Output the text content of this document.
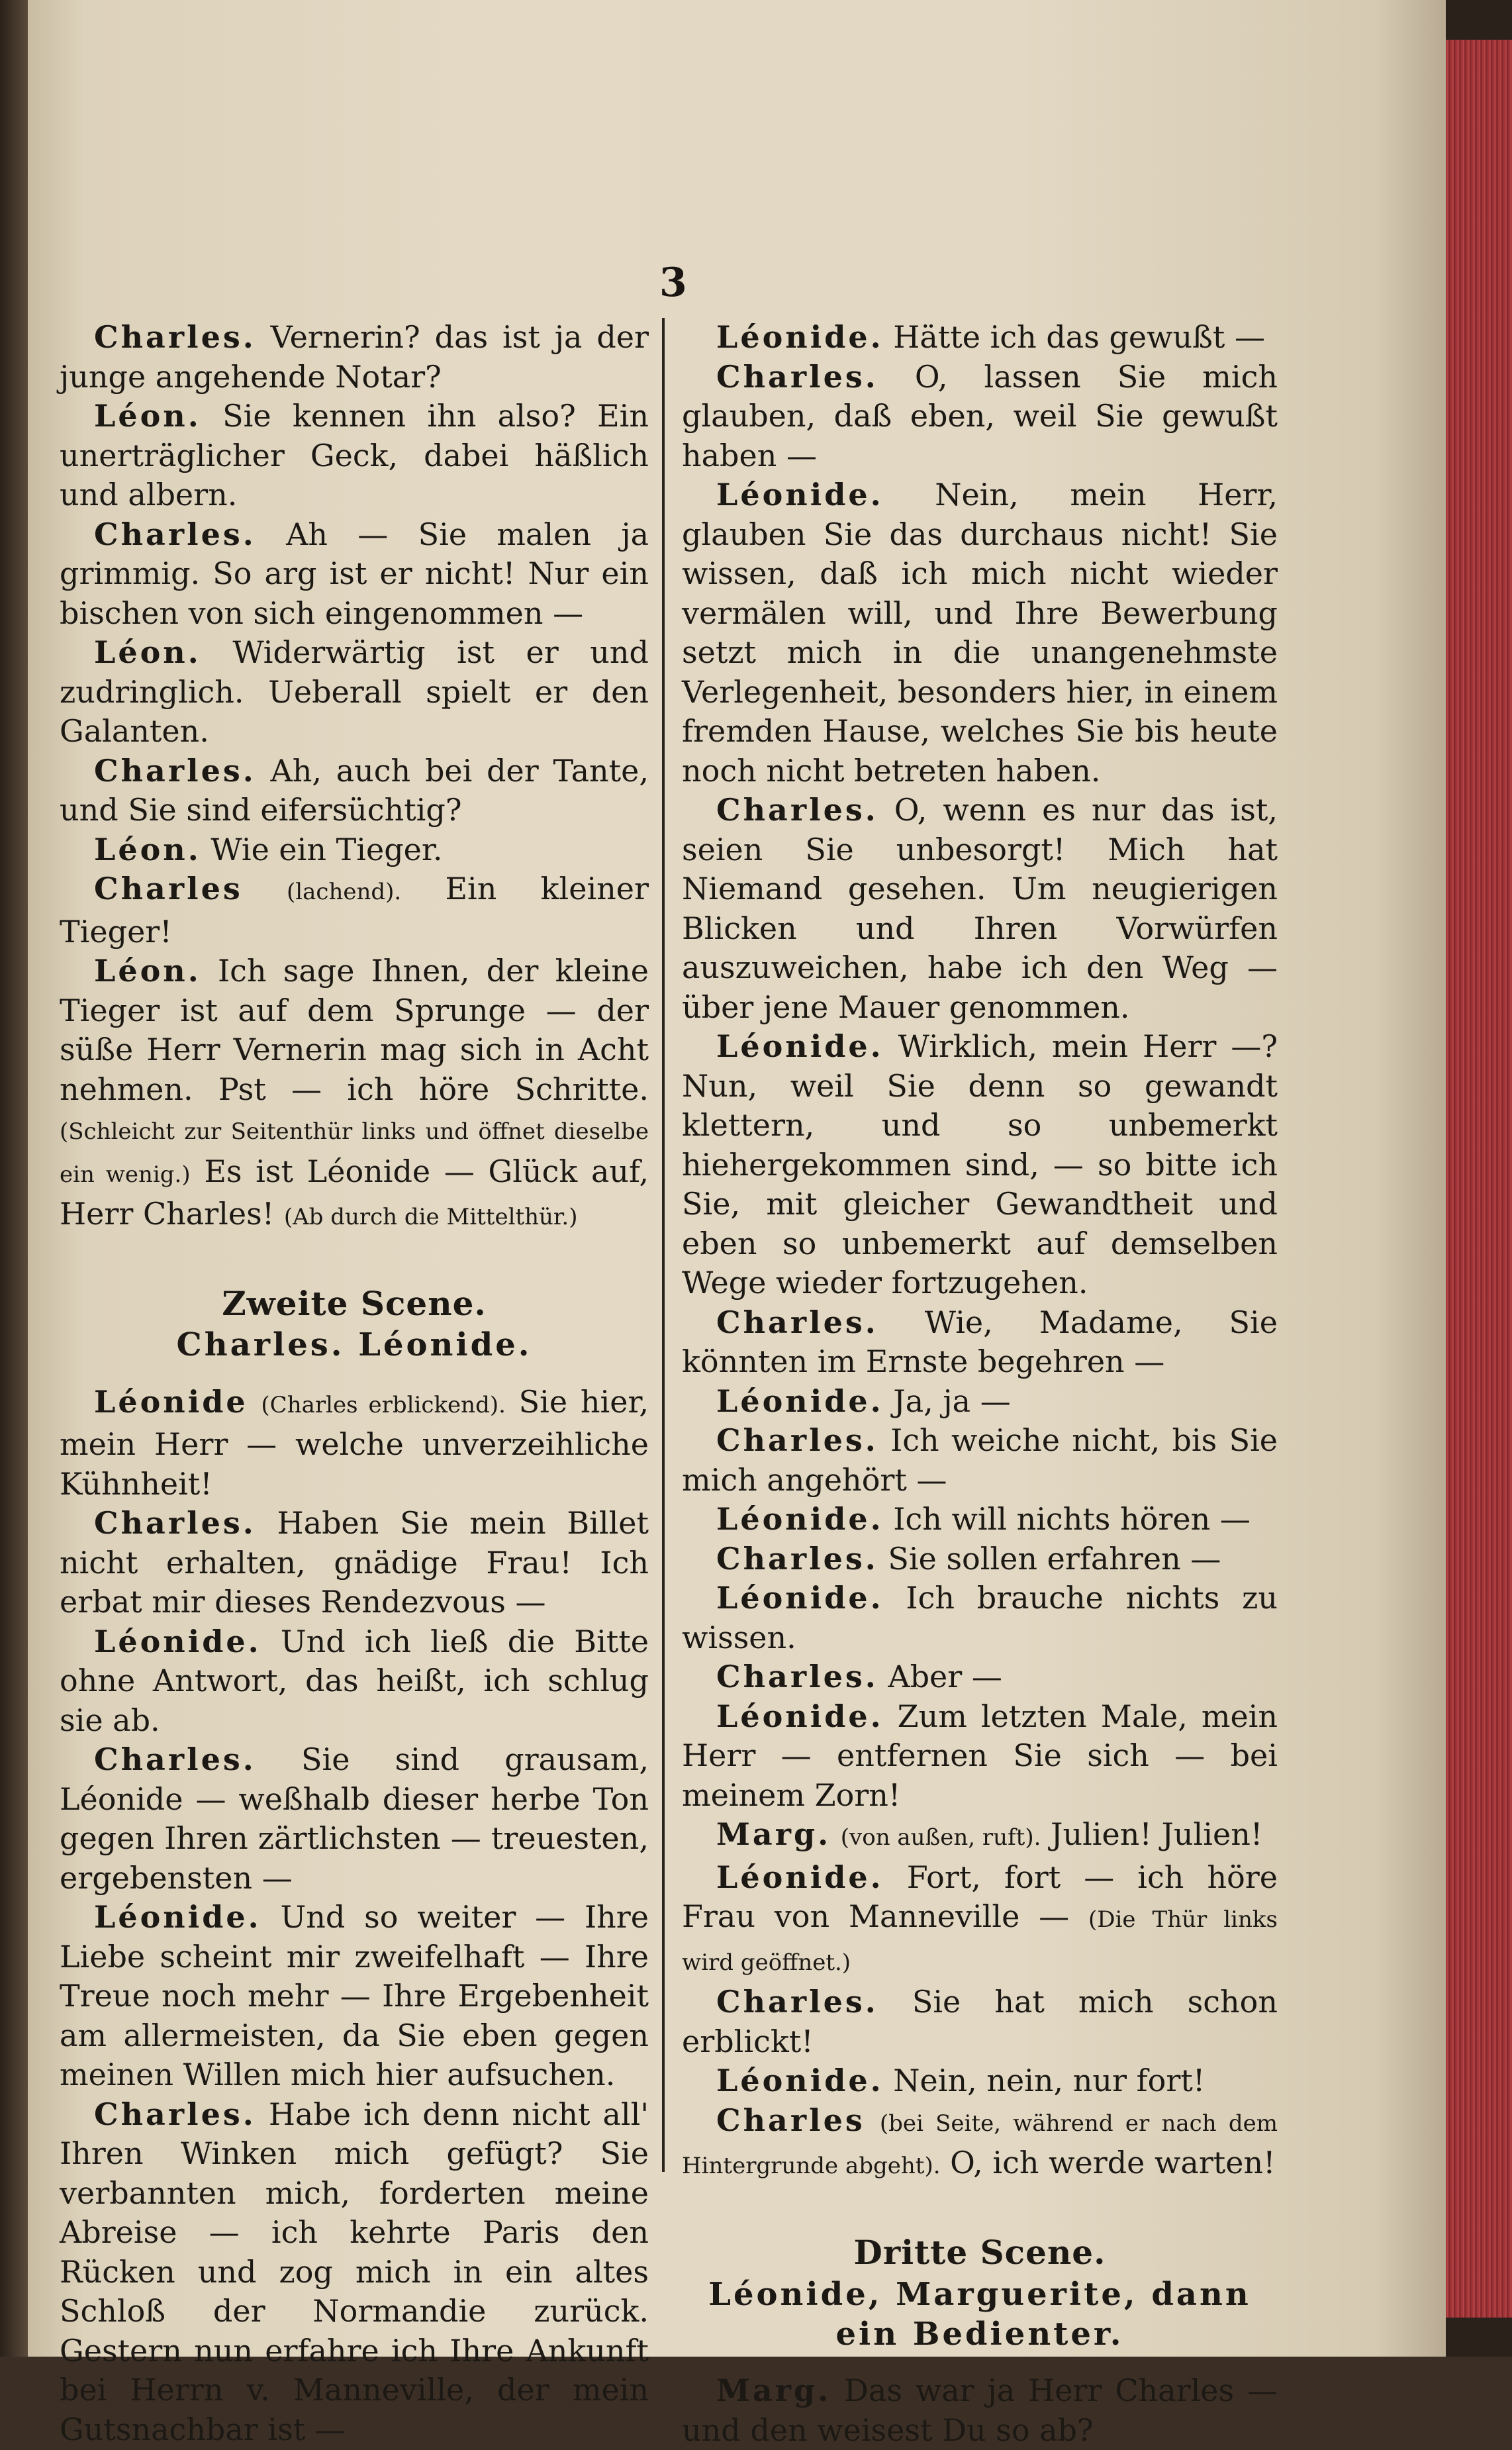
3

Charles. Vernerin? das ist ja der junge angehende Notar?

Léon. Sie kennen ihn also? Ein unerträglicher Geck, dabei häßlich und albern.

Charles. Ah — Sie malen ja grimmig. So arg ist er nicht! Nur ein bischen von sich eingenommen —

Léon. Widerwärtig ist er und zudringlich. Ueberall spielt er den Galanten.

Charles. Ah, auch bei der Tante, und Sie sind eifersüchtig?

Léon. Wie ein Tieger.

Charles (lachend). Ein kleiner Tieger!

Léon. Ich sage Ihnen, der kleine Tieger ist auf dem Sprunge — der süße Herr Vernerin mag sich in Acht nehmen. Pst — ich höre Schritte. (Schleicht zur Seitenthür links und öffnet dieselbe ein wenig.) Es ist Léonide — Glück auf, Herr Charles! (Ab durch die Mittelthür.)

Zweite Scene.
Charles. Léonide.

Léonide (Charles erblickend). Sie hier, mein Herr — welche unverzeihliche Kühnheit!

Charles. Haben Sie mein Billet nicht erhalten, gnädige Frau! Ich erbat mir dieses Rendezvous —

Léonide. Und ich ließ die Bitte ohne Antwort, das heißt, ich schlug sie ab.

Charles. Sie sind grausam, Léonide — weßhalb dieser herbe Ton gegen Ihren zärtlichsten — treuesten, ergebensten —

Léonide. Und so weiter — Ihre Liebe scheint mir zweifelhaft — Ihre Treue noch mehr — Ihre Ergebenheit am allermeisten, da Sie eben gegen meinen Willen mich hier aufsuchen.

Charles. Habe ich denn nicht all' Ihren Winken mich gefügt? Sie verbannten mich, forderten meine Abreise — ich kehrte Paris den Rücken und zog mich in ein altes Schloß der Normandie zurück. Gestern nun erfahre ich Ihre Ankunft bei Herrn v. Manneville, der mein Gutsnachbar ist —

Léonide. Hätte ich das gewußt —

Charles. O, lassen Sie mich glauben, daß eben, weil Sie gewußt haben —

Léonide. Nein, mein Herr, glauben Sie das durchaus nicht! Sie wissen, daß ich mich nicht wieder vermälen will, und Ihre Bewerbung setzt mich in die unangenehmste Verlegenheit, besonders hier, in einem fremden Hause, welches Sie bis heute noch nicht betreten haben.

Charles. O, wenn es nur das ist, seien Sie unbesorgt! Mich hat Niemand gesehen. Um neugierigen Blicken und Ihren Vorwürfen auszuweichen, habe ich den Weg — über jene Mauer genommen.

Léonide. Wirklich, mein Herr —? Nun, weil Sie denn so gewandt klettern, und so unbemerkt hiehergekommen sind, — so bitte ich Sie, mit gleicher Gewandtheit und eben so unbemerkt auf demselben Wege wieder fortzugehen.

Charles. Wie, Madame, Sie könnten im Ernste begehren —

Léonide. Ja, ja —

Charles. Ich weiche nicht, bis Sie mich angehört —

Léonide. Ich will nichts hören —

Charles. Sie sollen erfahren —

Léonide. Ich brauche nichts zu wissen.

Charles. Aber —

Léonide. Zum letzten Male, mein Herr — entfernen Sie sich — bei meinem Zorn!

Marg. (von außen, ruft). Julien! Julien!

Léonide. Fort, fort — ich höre Frau von Manneville — (Die Thür links wird geöffnet.)

Charles. Sie hat mich schon erblickt!

Léonide. Nein, nein, nur fort!

Charles (bei Seite, während er nach dem Hintergrunde abgeht). O, ich werde warten!

Dritte Scene.
Léonide, Marguerite, dann ein Bedienter.

Marg. Das war ja Herr Charles — und den weisest Du so ab?
